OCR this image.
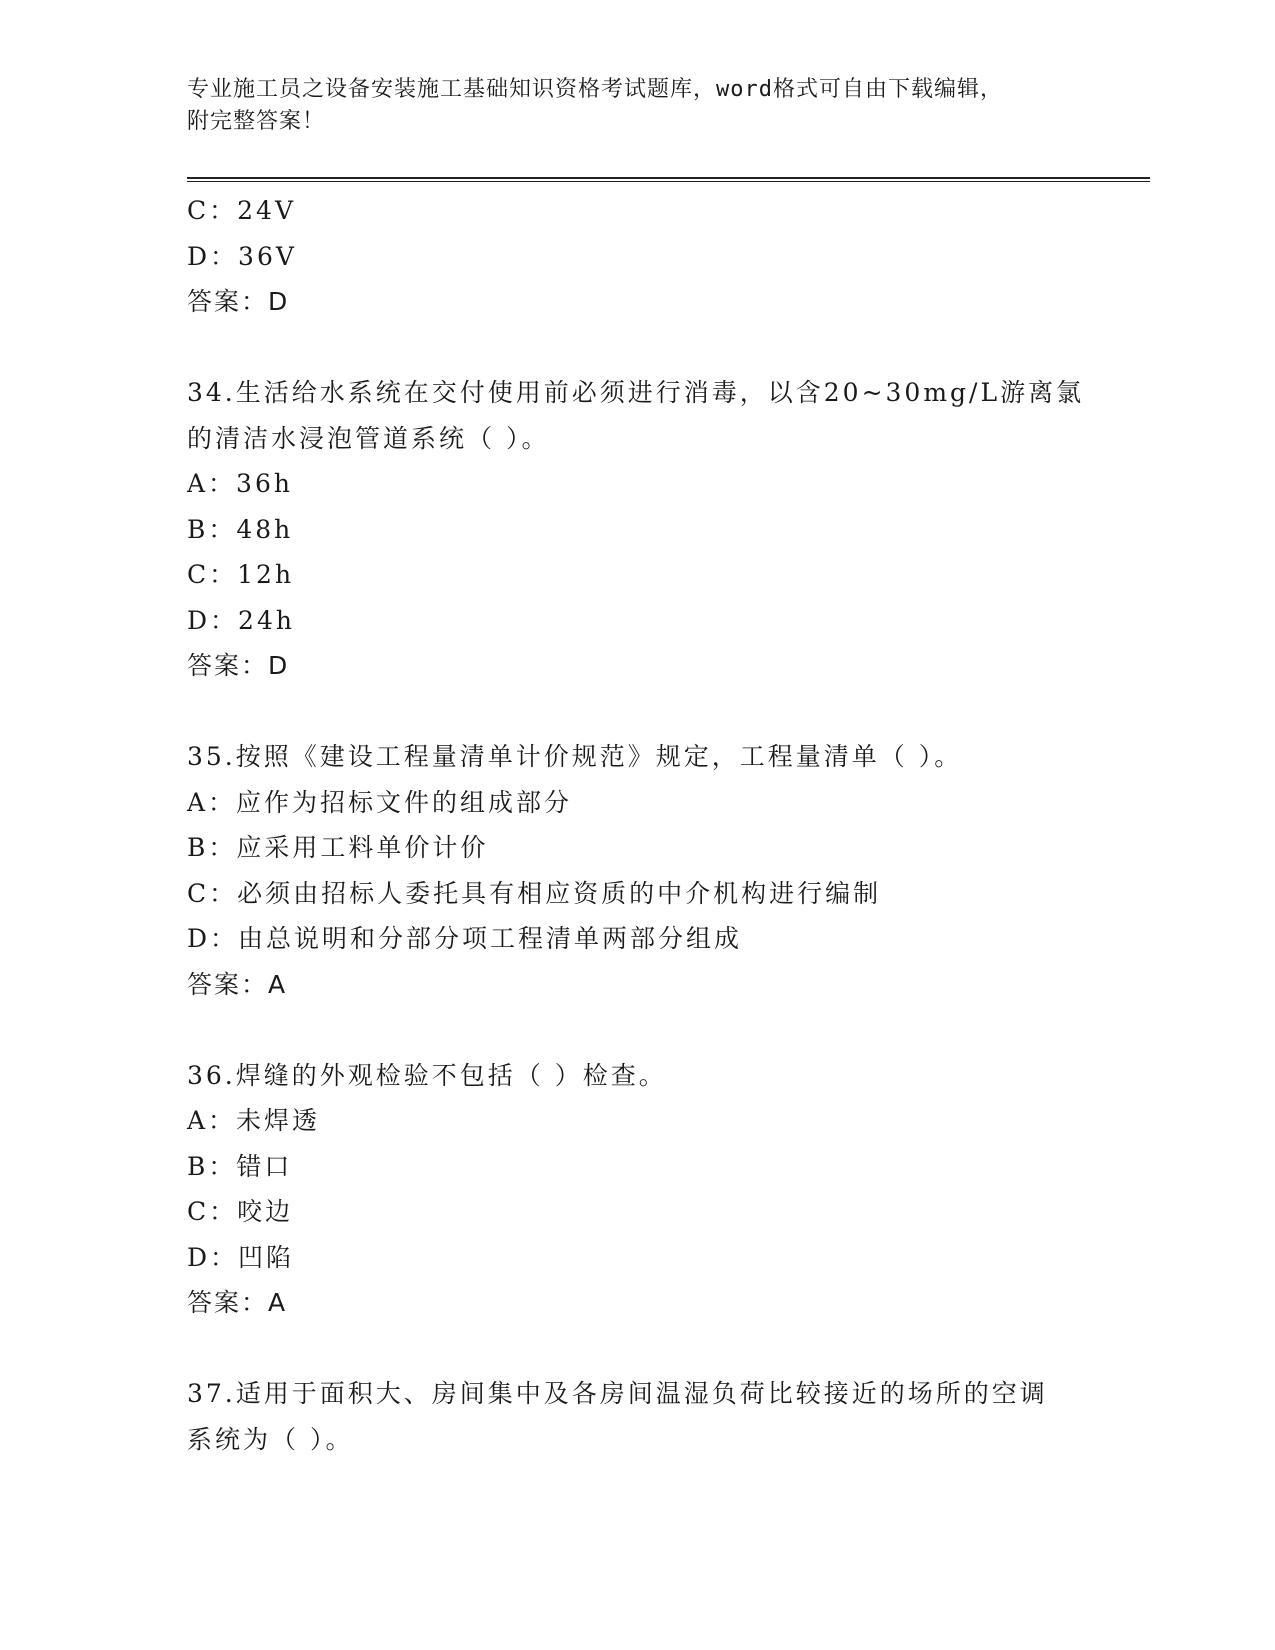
专业施工员之设备安装施工基础知识资格考试题库，word格式可自由下载编辑，
附完整答案！

C：24V

D：36V

答案：D

34.生活给水系统在交付使用前必须进行消毒，以含20~30mg/L游离氯

的清洁水浸泡管道系统（ ）。

A：36h

B：48h

C：12h

D：24h

答案：D

35.按照《建设工程量清单计价规范》规定，工程量清单（ ）。

A：应作为招标文件的组成部分

B：应采用工料单价计价

C：必须由招标人委托具有相应资质的中介机构进行编制

D：由总说明和分部分项工程清单两部分组成

答案：A

36.焊缝的外观检验不包括（ ）检查。

A：未焊透

B：错口

C：咬边

D：凹陷

答案：A

37.适用于面积大、房间集中及各房间温湿负荷比较接近的场所的空调

系统为（ ）。
